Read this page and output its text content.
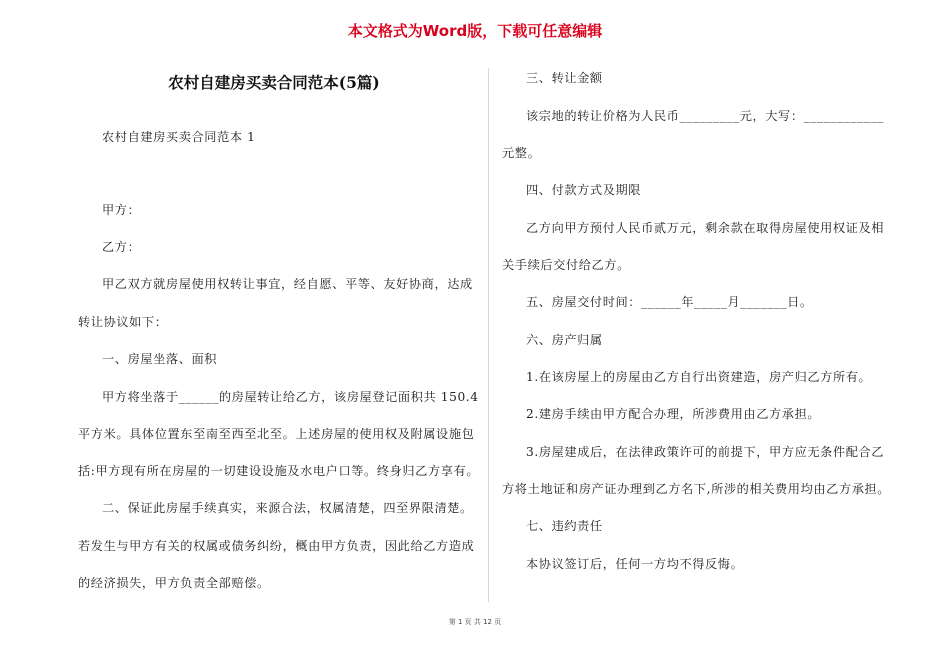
本文格式为Word版，下载可任意编辑
农村自建房买卖合同范本(5篇)
农村自建房买卖合同范本 1
甲方：
乙方：
甲乙双方就房屋使用权转让事宜，经自愿、平等、友好协商，达成
转让协议如下：
一、房屋坐落、面积
甲方将坐落于______的房屋转让给乙方，该房屋登记面积共 150.4
平方米。具体位置东至南至西至北至。上述房屋的使用权及附属设施包
括:甲方现有所在房屋的一切建设设施及水电户口等。终身归乙方享有。
二、保证此房屋手续真实，来源合法，权属清楚，四至界限清楚。
若发生与甲方有关的权属或债务纠纷，概由甲方负责，因此给乙方造成
的经济损失，甲方负责全部赔偿。
三、转让金额
该宗地的转让价格为人民币_________元，大写：____________
元整。
四、付款方式及期限
乙方向甲方预付人民币贰万元，剩余款在取得房屋使用权证及相
关手续后交付给乙方。
五、房屋交付时间：______年_____月_______日。
六、房产归属
1.在该房屋上的房屋由乙方自行出资建造，房产归乙方所有。
2.建房手续由甲方配合办理，所涉费用由乙方承担。
3.房屋建成后，在法律政策许可的前提下，甲方应无条件配合乙
方将土地证和房产证办理到乙方名下,所涉的相关费用均由乙方承担。
七、违约责任
本协议签订后，任何一方均不得反悔。
第 1 页 共 12 页
